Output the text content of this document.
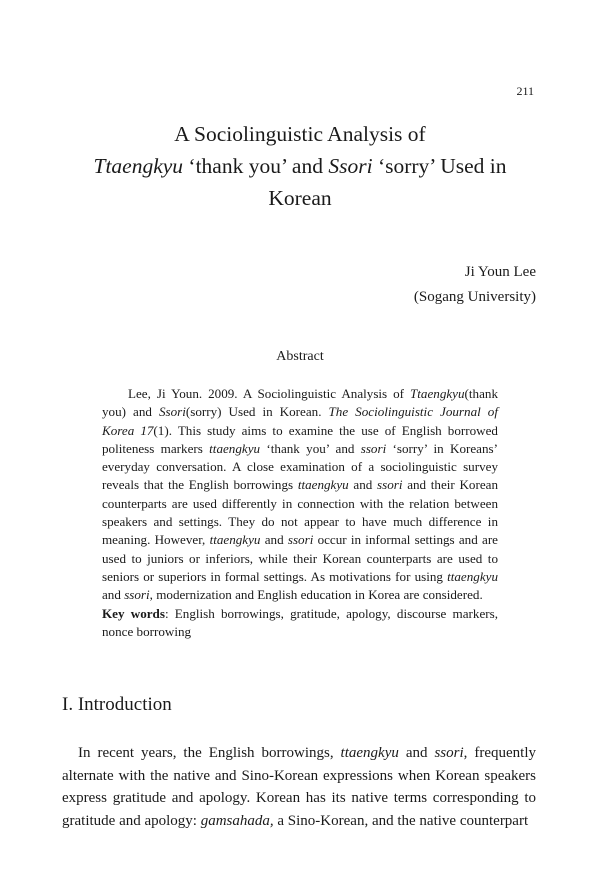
211
A Sociolinguistic Analysis of
Ttaengkyu ‘thank you’ and Ssori ‘sorry’ Used in
Korean
Ji Youn Lee
(Sogang University)
Abstract

Lee, Ji Youn. 2009. A Sociolinguistic Analysis of Ttaengkyu(thank you) and Ssori(sorry) Used in Korean. The Sociolinguistic Journal of Korea 17(1). This study aims to examine the use of English borrowed politeness markers ttaengkyu ‘thank you’ and ssori ‘sorry’ in Koreans’ everyday conversation. A close examination of a sociolinguistic survey reveals that the English borrowings ttaengkyu and ssori and their Korean counterparts are used differently in connection with the relation between speakers and settings. They do not appear to have much difference in meaning. However, ttaengkyu and ssori occur in informal settings and are used to juniors or inferiors, while their Korean counterparts are used to seniors or superiors in formal settings. As motivations for using ttaengkyu and ssori, modernization and English education in Korea are considered.

Key words: English borrowings, gratitude, apology, discourse markers, nonce borrowing

I. Introduction

In recent years, the English borrowings, ttaengkyu and ssori, frequently alternate with the native and Sino-Korean expressions when Korean speakers express gratitude and apology. Korean has its native terms corresponding to gratitude and apology: gamsahada, a Sino-Korean, and the native counterpart
